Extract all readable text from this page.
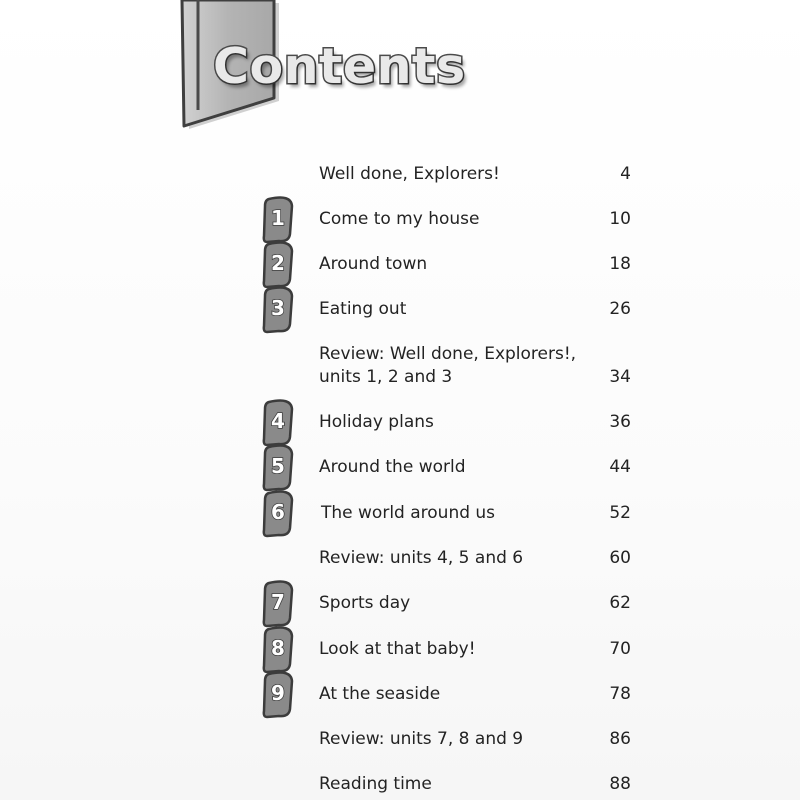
Contents
Well done, Explorers!	4
1	Come to my house	10
2	Around town	18
3	Eating out	26
Review: Well done, Explorers!,
units 1, 2 and 3	34
4	Holiday plans	36
5	Around the world	44
6	The world around us	52
Review: units 4, 5 and 6	60
7	Sports day	62
8	Look at that baby!	70
9	At the seaside	78
Review: units 7, 8 and 9	86
Reading time	88
